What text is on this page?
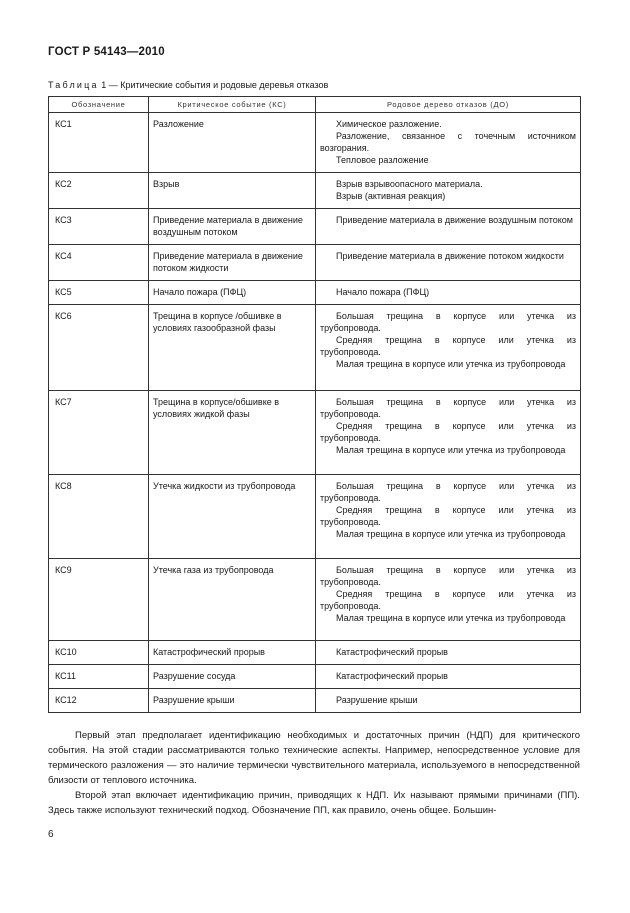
ГОСТ Р 54143—2010
Таблица 1 — Критические события и родовые деревья отказов
Обозначение	Критическое событие (КС)	Родовое дерево отказов (ДО)
КС1	Разложение	Химическое разложение.
Разложение, связанное с точечным источником возгорания.
Тепловое разложение

КС2	Взрыв	Взрыв взрывоопасного материала.
Взрыв (активная реакция)

КС3	Приведение материала в движение воздушным потоком	Приведение материала в движение воздушным потоком

КС4	Приведение материала в движение потоком жидкости	Приведение материала в движение потоком жидкости

КС5	Начало пожара (ПФЦ)	Начало пожара (ПФЦ)

КС6	Трещина в корпусе /обшивке в условиях газообразной фазы	Большая трещина в корпусе или утечка из трубопровода.
Средняя трещина в корпусе или утечка из трубопровода.
Малая трещина в корпусе или утечка из трубопровода

КС7	Трещина в корпусе/обшивке в условиях жидкой фазы	Большая трещина в корпусе или утечка из трубопровода.
Средняя трещина в корпусе или утечка из трубопровода.
Малая трещина в корпусе или утечка из трубопровода

КС8	Утечка жидкости из трубопровода	Большая трещина в корпусе или утечка из трубопровода.
Средняя трещина в корпусе или утечка из трубопровода.
Малая трещина в корпусе или утечка из трубопровода

КС9	Утечка газа из трубопровода	Большая трещина в корпусе или утечка из трубопровода.
Средняя трещина в корпусе или утечка из трубопровода.
Малая трещина в корпусе или утечка из трубопровода

КС10	Катастрофический прорыв	Катастрофический прорыв

КС11	Разрушение сосуда	Катастрофический прорыв

КС12	Разрушение крыши	Разрушение крыши

Первый этап предполагает идентификацию необходимых и достаточных причин (НДП) для критического события. На этой стадии рассматриваются только технические аспекты. Например, непосредственное условие для термического разложения — это наличие термически чувствительного материала, используемого в непосредственной близости от теплового источника.

Второй этап включает идентификацию причин, приводящих к НДП. Их называют прямыми причинами (ПП). Здесь также используют технический подход. Обозначение ПП, как правило, очень общее. Большин-

6
